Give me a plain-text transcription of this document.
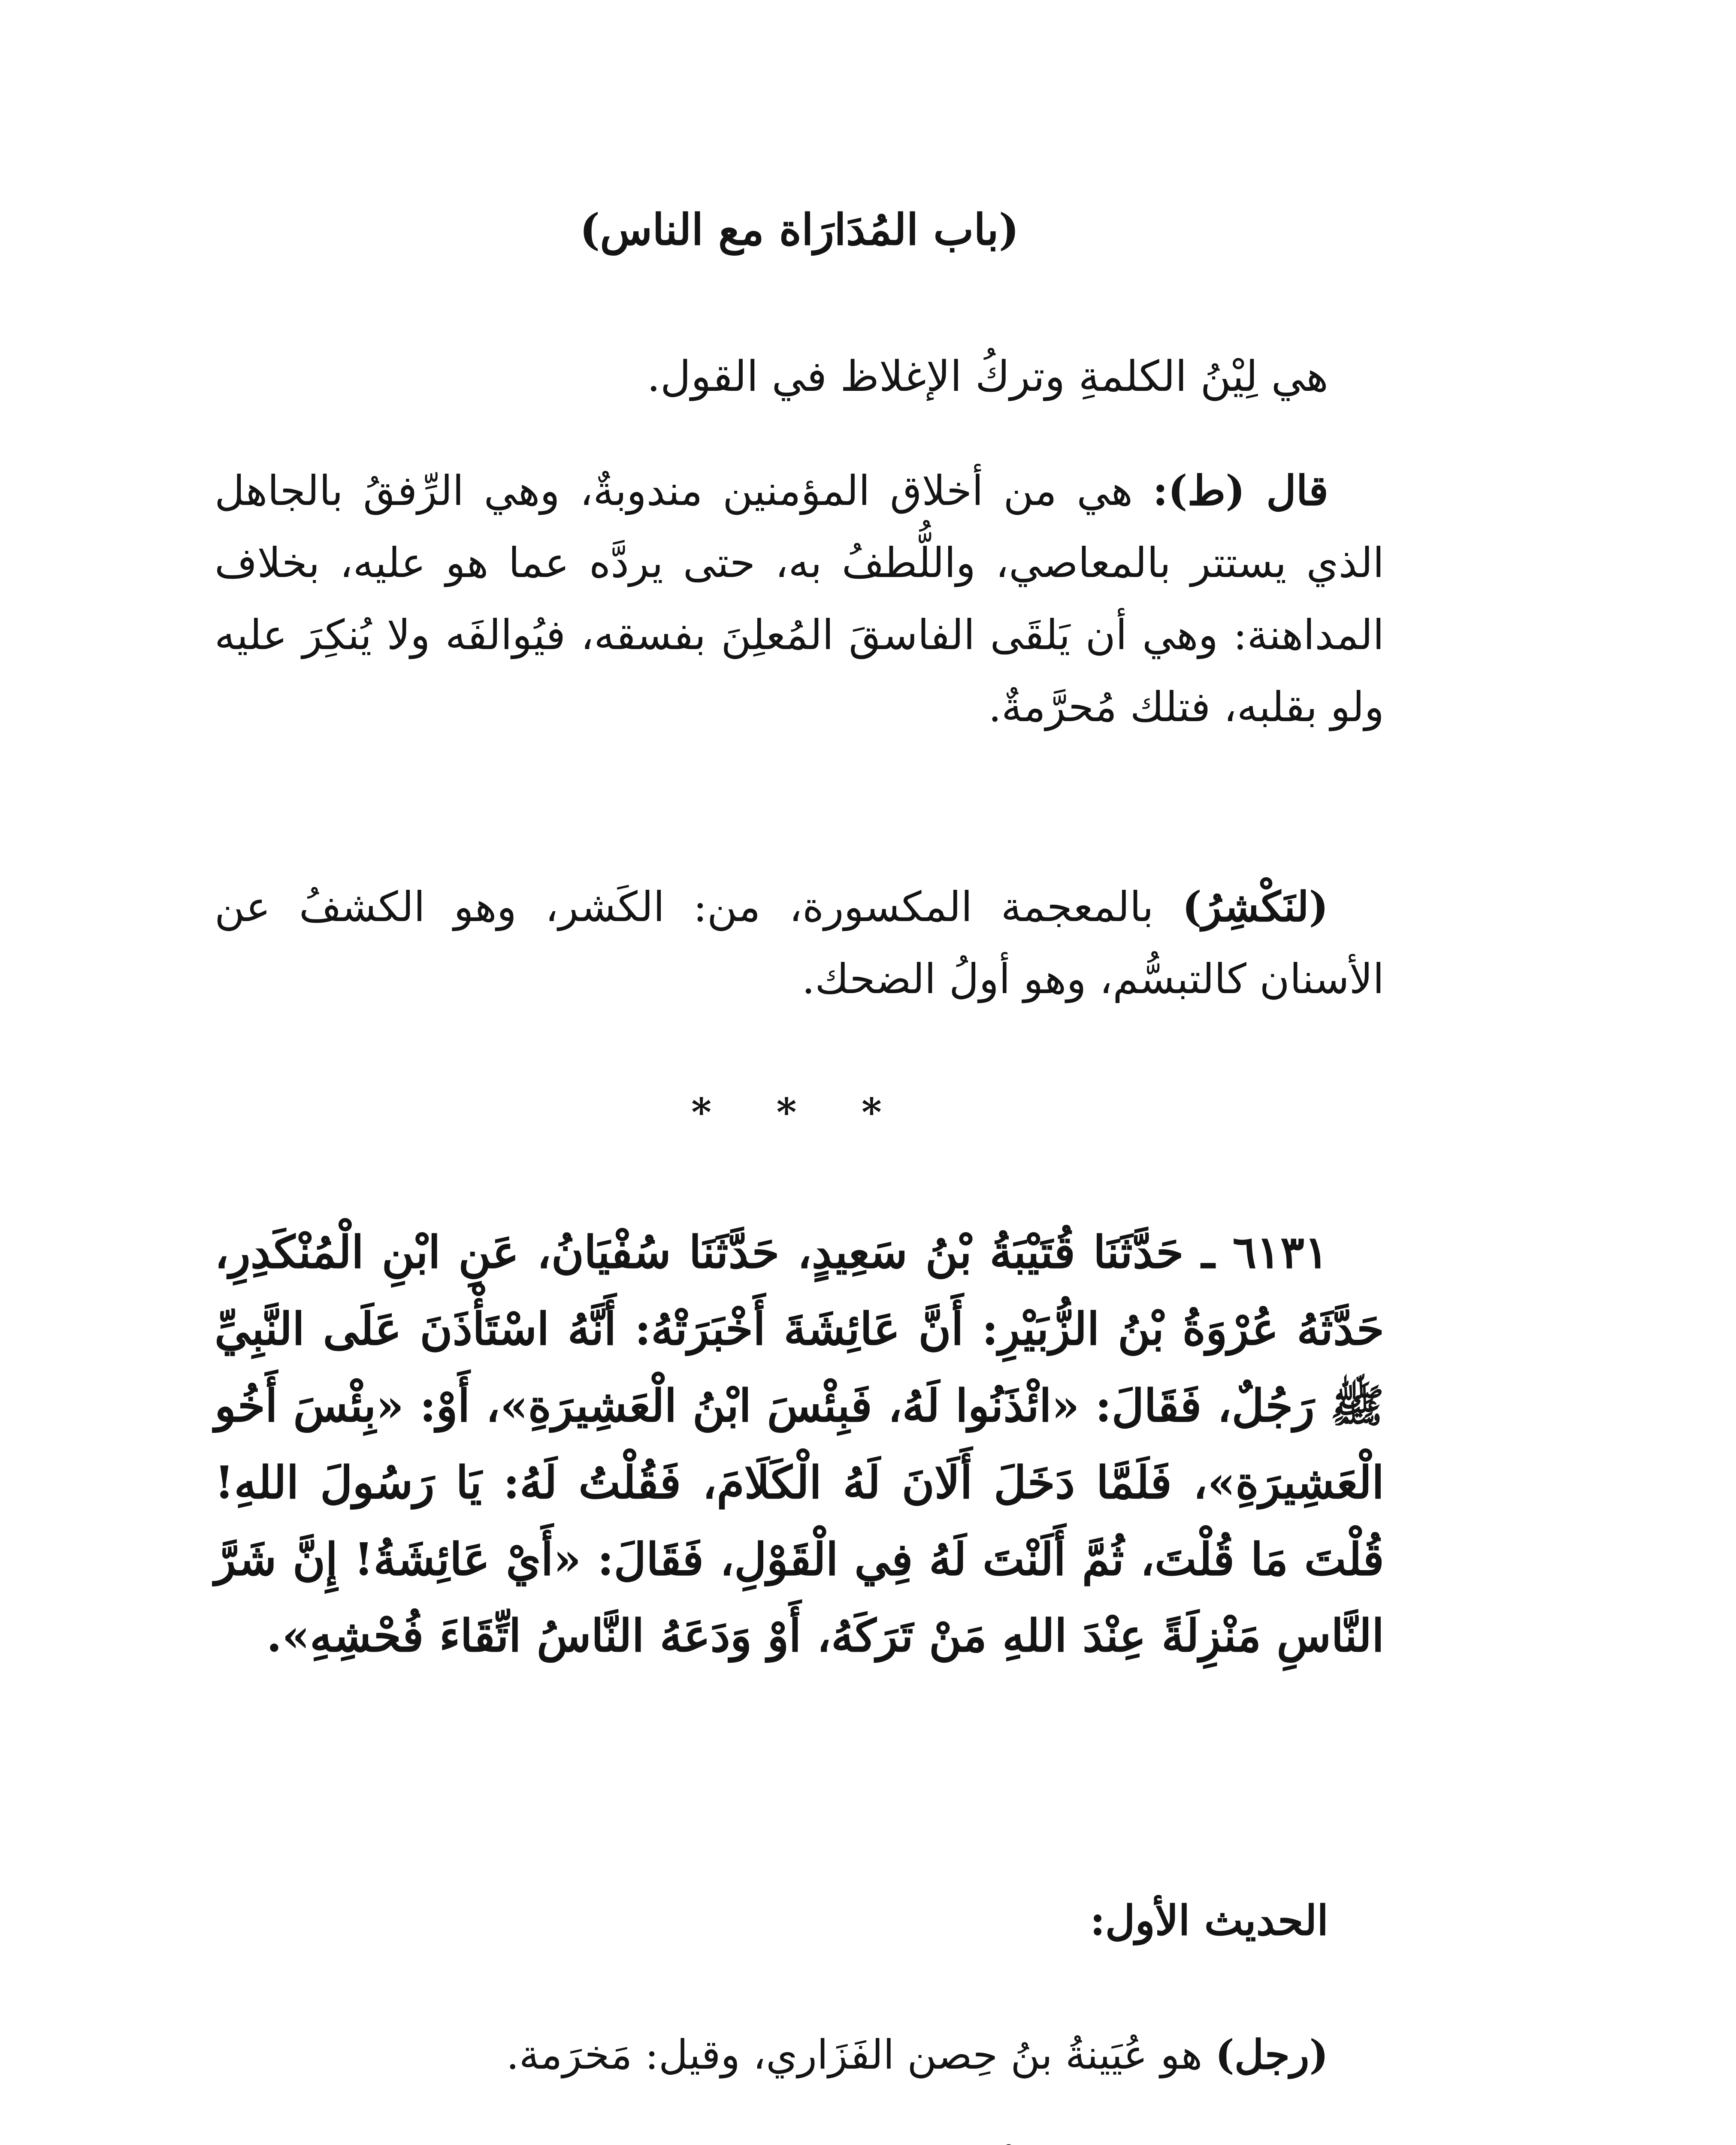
(باب المُدَارَاة مع الناس)

هي لِيْنُ الكلمةِ وتركُ الإغلاظ في القول.

قال (ط): هي من أخلاق المؤمنين مندوبةٌ، وهي الرِّفقُ بالجاهل الذي يستتر بالمعاصي، واللُّطفُ به، حتى يردَّه عما هو عليه، بخلاف المداهنة: وهي أن يَلقَى الفاسقَ المُعلِنَ بفسقه، فيُوالفَه ولا يُنكِرَ عليه ولو بقلبه، فتلك مُحرَّمةٌ.

(لنَكْشِرُ) بالمعجمة المكسورة، من: الكَشر، وهو الكشفُ عن الأسنان كالتبسُّم، وهو أولُ الضحك.

* * *

٦١٣١ ـ حَدَّثَنَا قُتَيْبَةُ بْنُ سَعِيدٍ، حَدَّثَنَا سُفْيَانُ، عَنِ ابْنِ الْمُنْكَدِرِ، حَدَّثَهُ عُرْوَةُ بْنُ الزُّبَيْرِ: أَنَّ عَائِشَةَ أَخْبَرَتْهُ: أَنَّهُ اسْتَأْذَنَ عَلَى النَّبِيِّ ﷺ رَجُلٌ، فَقَالَ: «ائْذَنُوا لَهُ، فَبِئْسَ ابْنُ الْعَشِيرَةِ»، أَوْ: «بِئْسَ أَخُو الْعَشِيرَةِ»، فَلَمَّا دَخَلَ أَلَانَ لَهُ الْكَلَامَ، فَقُلْتُ لَهُ: يَا رَسُولَ اللهِ! قُلْتَ مَا قُلْتَ، ثُمَّ أَلَنْتَ لَهُ فِي الْقَوْلِ، فَقَالَ: «أَيْ عَائِشَةُ! إِنَّ شَرَّ النَّاسِ مَنْزِلَةً عِنْدَ اللهِ مَنْ تَرَكَهُ، أَوْ وَدَعَهُ النَّاسُ اتِّقَاءَ فُحْشِهِ».

الحديث الأول:

(رجل) هو عُيَينةُ بنُ حِصن الفَزَاري، وقيل: مَخرَمة.
